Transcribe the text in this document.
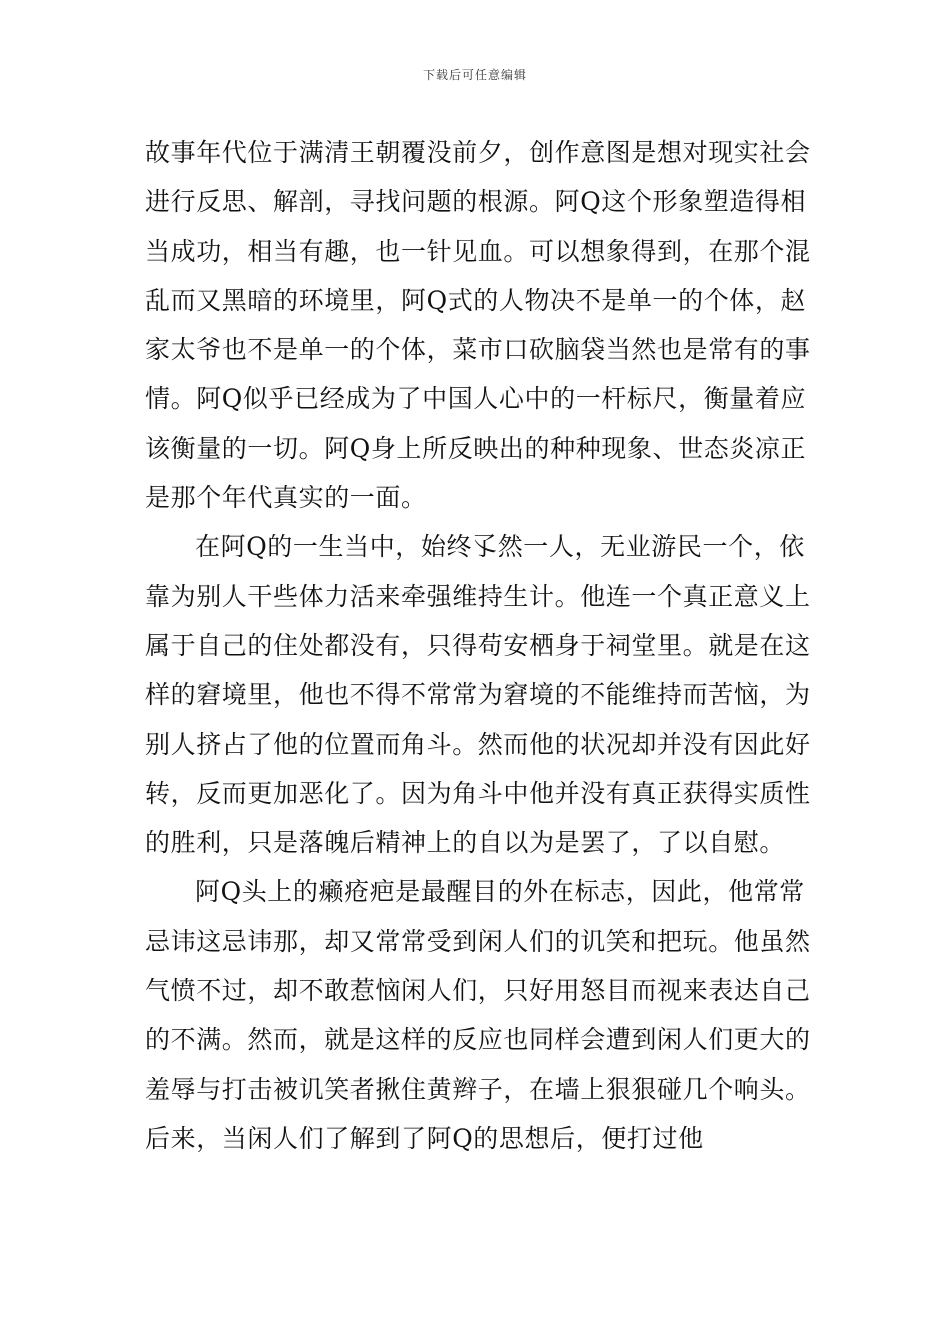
下载后可任意编辑

故事年代位于满清王朝覆没前夕，创作意图是想对现实社会进行反思、解剖，寻找问题的根源。阿Q这个形象塑造得相当成功，相当有趣，也一针见血。可以想象得到，在那个混乱而又黑暗的环境里，阿Q式的人物决不是单一的个体，赵家太爷也不是单一的个体，菜市口砍脑袋当然也是常有的事情。阿Q似乎已经成为了中国人心中的一杆标尺，衡量着应该衡量的一切。阿Q身上所反映出的种种现象、世态炎凉正是那个年代真实的一面。

在阿Q的一生当中，始终孓然一人，无业游民一个，依靠为别人干些体力活来牵强维持生计。他连一个真正意义上属于自己的住处都没有，只得苟安栖身于祠堂里。就是在这样的窘境里，他也不得不常常为窘境的不能维持而苦恼，为别人挤占了他的位置而角斗。然而他的状况却并没有因此好转，反而更加恶化了。因为角斗中他并没有真正获得实质性的胜利，只是落魄后精神上的自以为是罢了，了以自慰。

阿Q头上的癞疮疤是最醒目的外在标志，因此，他常常忌讳这忌讳那，却又常常受到闲人们的讥笑和把玩。他虽然气愤不过，却不敢惹恼闲人们，只好用怒目而视来表达自己的不满。然而，就是这样的反应也同样会遭到闲人们更大的羞辱与打击被讥笑者揪住黄辫子，在墙上狠狠碰几个响头。后来，当闲人们了解到了阿Q的思想后，便打过他
